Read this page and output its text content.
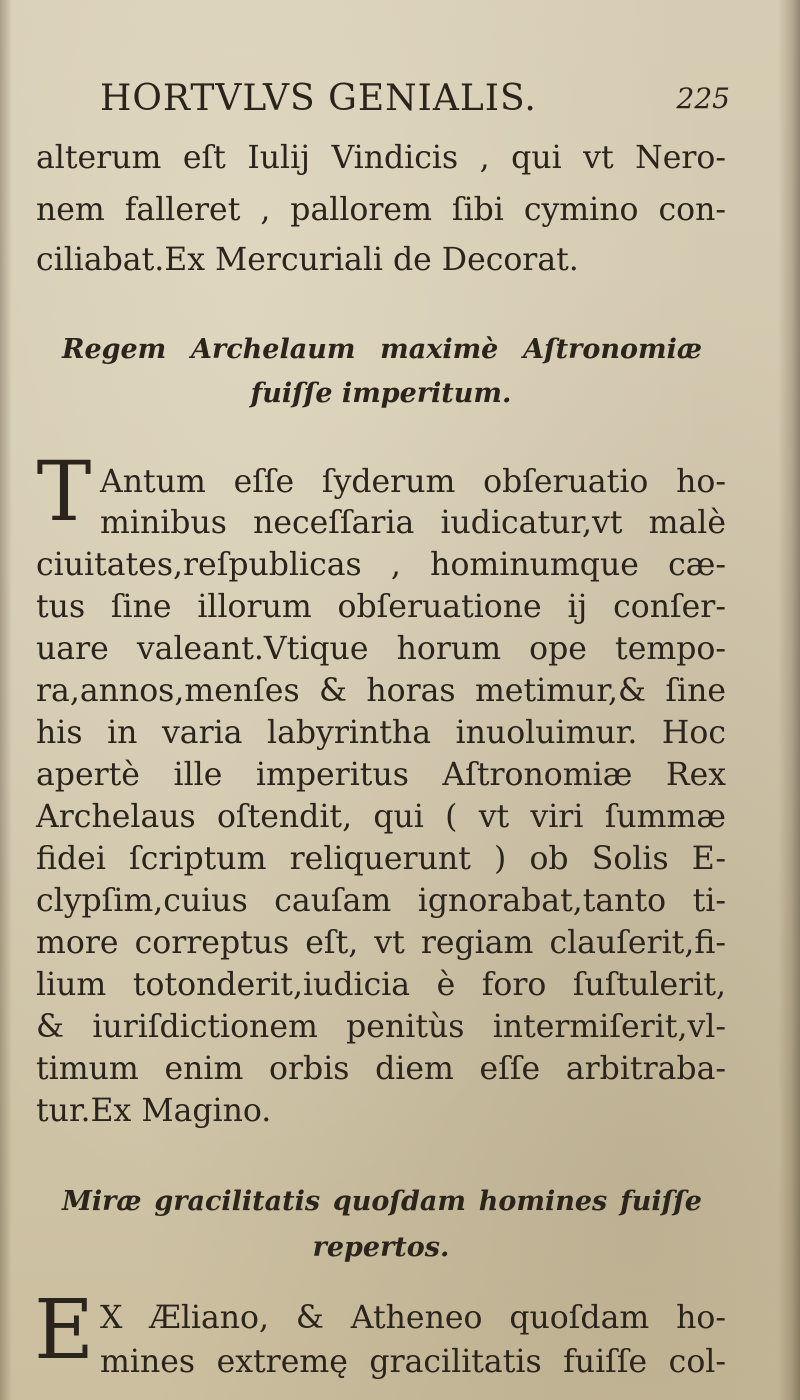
HORTVLVS GENIALIS.	225
alterum eſt Iulij Vindicis , qui vt Nero-
nem falleret , pallorem ſibi cymino con-
ciliabat.Ex Mercuriali de Decorat.
Regem Archelaum maximè Aſtronomiæ
fuiſſe imperitum.
T Antum eſſe ſyderum obſeruatio ho-
minibus neceſſaria iudicatur,vt malè
ciuitates,reſpublicas , hominumque cæ-
tus ſine illorum obſeruatione ij conſer-
uare valeant.Vtique horum ope tempo-
ra,annos,menſes & horas metimur,& ſine
his in varia labyrintha inuoluimur. Hoc
apertè ille imperitus Aſtronomiæ Rex
Archelaus oſtendit, qui ( vt viri ſummæ
fidei ſcriptum reliquerunt ) ob Solis E-
clypſim,cuius cauſam ignorabat,tanto ti-
more correptus eſt, vt regiam clauſerit,fi-
lium totonderit,iudicia è foro ſuſtulerit,
& iuriſdictionem penitùs intermiſerit,vl-
timum enim orbis diem eſſe arbitraba-
tur.Ex Magino.
Miræ gracilitatis quoſdam homines fuiſſe
repertos.
E X Æliano, & Atheneo quoſdam ho-
mines extremę gracilitatis fuiſſe col-
